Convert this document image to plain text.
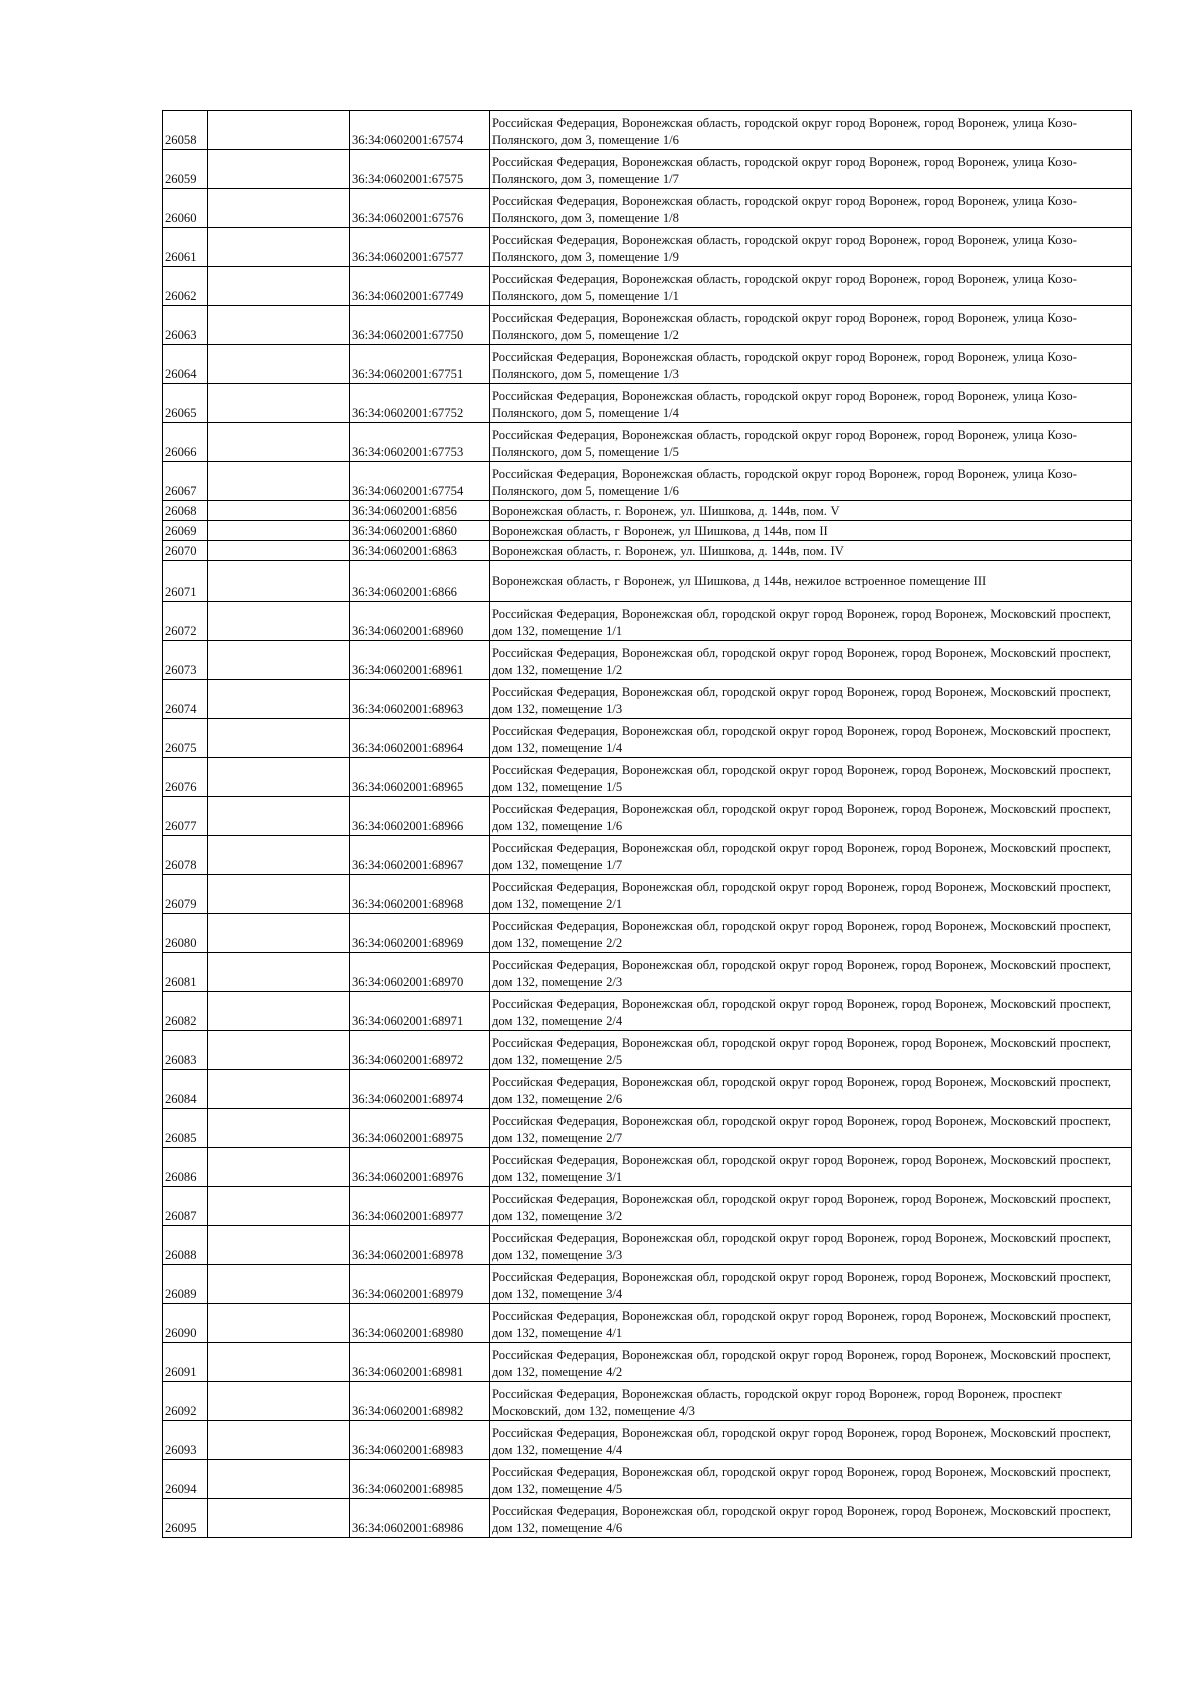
26058		36:34:0602001:67574	Российская Федерация, Воронежская область, городской округ город Воронеж, город Воронеж, улица Козо-Полянского, дом 3, помещение 1/6
26059		36:34:0602001:67575	Российская Федерация, Воронежская область, городской округ город Воронеж, город Воронеж, улица Козо-Полянского, дом 3, помещение 1/7
26060		36:34:0602001:67576	Российская Федерация, Воронежская область, городской округ город Воронеж, город Воронеж, улица Козо-Полянского, дом 3, помещение 1/8
26061		36:34:0602001:67577	Российская Федерация, Воронежская область, городской округ город Воронеж, город Воронеж, улица Козо-Полянского, дом 3, помещение 1/9
26062		36:34:0602001:67749	Российская Федерация, Воронежская область, городской округ город Воронеж, город Воронеж, улица Козо-Полянского, дом 5, помещение 1/1
26063		36:34:0602001:67750	Российская Федерация, Воронежская область, городской округ город Воронеж, город Воронеж, улица Козо-Полянского, дом 5, помещение 1/2
26064		36:34:0602001:67751	Российская Федерация, Воронежская область, городской округ город Воронеж, город Воронеж, улица Козо-Полянского, дом 5, помещение 1/3
26065		36:34:0602001:67752	Российская Федерация, Воронежская область, городской округ город Воронеж, город Воронеж, улица Козо-Полянского, дом 5, помещение 1/4
26066		36:34:0602001:67753	Российская Федерация, Воронежская область, городской округ город Воронеж, город Воронеж, улица Козо-Полянского, дом 5, помещение 1/5
26067		36:34:0602001:67754	Российская Федерация, Воронежская область, городской округ город Воронеж, город Воронеж, улица Козо-Полянского, дом 5, помещение 1/6
26068		36:34:0602001:6856	Воронежская область, г. Воронеж, ул. Шишкова, д. 144в, пом. V
26069		36:34:0602001:6860	Воронежская область, г Воронеж, ул Шишкова, д 144в, пом II
26070		36:34:0602001:6863	Воронежская область, г. Воронеж, ул. Шишкова, д. 144в, пом. IV
26071		36:34:0602001:6866	Воронежская область, г Воронеж, ул Шишкова, д 144в, нежилое встроенное помещение III
26072		36:34:0602001:68960	Российская Федерация, Воронежская обл, городской округ город Воронеж, город Воронеж, Московский проспект, дом 132, помещение 1/1
26073		36:34:0602001:68961	Российская Федерация, Воронежская обл, городской округ город Воронеж, город Воронеж, Московский проспект, дом 132, помещение 1/2
26074		36:34:0602001:68963	Российская Федерация, Воронежская обл, городской округ город Воронеж, город Воронеж, Московский проспект, дом 132, помещение 1/3
26075		36:34:0602001:68964	Российская Федерация, Воронежская обл, городской округ город Воронеж, город Воронеж, Московский проспект, дом 132, помещение 1/4
26076		36:34:0602001:68965	Российская Федерация, Воронежская обл, городской округ город Воронеж, город Воронеж, Московский проспект, дом 132, помещение 1/5
26077		36:34:0602001:68966	Российская Федерация, Воронежская обл, городской округ город Воронеж, город Воронеж, Московский проспект, дом 132, помещение 1/6
26078		36:34:0602001:68967	Российская Федерация, Воронежская обл, городской округ город Воронеж, город Воронеж, Московский проспект, дом 132, помещение 1/7
26079		36:34:0602001:68968	Российская Федерация, Воронежская обл, городской округ город Воронеж, город Воронеж, Московский проспект, дом 132, помещение 2/1
26080		36:34:0602001:68969	Российская Федерация, Воронежская обл, городской округ город Воронеж, город Воронеж, Московский проспект, дом 132, помещение 2/2
26081		36:34:0602001:68970	Российская Федерация, Воронежская обл, городской округ город Воронеж, город Воронеж, Московский проспект, дом 132, помещение 2/3
26082		36:34:0602001:68971	Российская Федерация, Воронежская обл, городской округ город Воронеж, город Воронеж, Московский проспект, дом 132, помещение 2/4
26083		36:34:0602001:68972	Российская Федерация, Воронежская обл, городской округ город Воронеж, город Воронеж, Московский проспект, дом 132, помещение 2/5
26084		36:34:0602001:68974	Российская Федерация, Воронежская обл, городской округ город Воронеж, город Воронеж, Московский проспект, дом 132, помещение 2/6
26085		36:34:0602001:68975	Российская Федерация, Воронежская обл, городской округ город Воронеж, город Воронеж, Московский проспект, дом 132, помещение 2/7
26086		36:34:0602001:68976	Российская Федерация, Воронежская обл, городской округ город Воронеж, город Воронеж, Московский проспект, дом 132, помещение 3/1
26087		36:34:0602001:68977	Российская Федерация, Воронежская обл, городской округ город Воронеж, город Воронеж, Московский проспект, дом 132, помещение 3/2
26088		36:34:0602001:68978	Российская Федерация, Воронежская обл, городской округ город Воронеж, город Воронеж, Московский проспект, дом 132, помещение 3/3
26089		36:34:0602001:68979	Российская Федерация, Воронежская обл, городской округ город Воронеж, город Воронеж, Московский проспект, дом 132, помещение 3/4
26090		36:34:0602001:68980	Российская Федерация, Воронежская обл, городской округ город Воронеж, город Воронеж, Московский проспект, дом 132, помещение 4/1
26091		36:34:0602001:68981	Российская Федерация, Воронежская обл, городской округ город Воронеж, город Воронеж, Московский проспект, дом 132, помещение 4/2
26092		36:34:0602001:68982	Российская Федерация, Воронежская область, городской округ город Воронеж, город Воронеж, проспект Московский, дом 132, помещение 4/3
26093		36:34:0602001:68983	Российская Федерация, Воронежская обл, городской округ город Воронеж, город Воронеж, Московский проспект, дом 132, помещение 4/4
26094		36:34:0602001:68985	Российская Федерация, Воронежская обл, городской округ город Воронеж, город Воронеж, Московский проспект, дом 132, помещение 4/5
26095		36:34:0602001:68986	Российская Федерация, Воронежская обл, городской округ город Воронеж, город Воронеж, Московский проспект, дом 132, помещение 4/6
